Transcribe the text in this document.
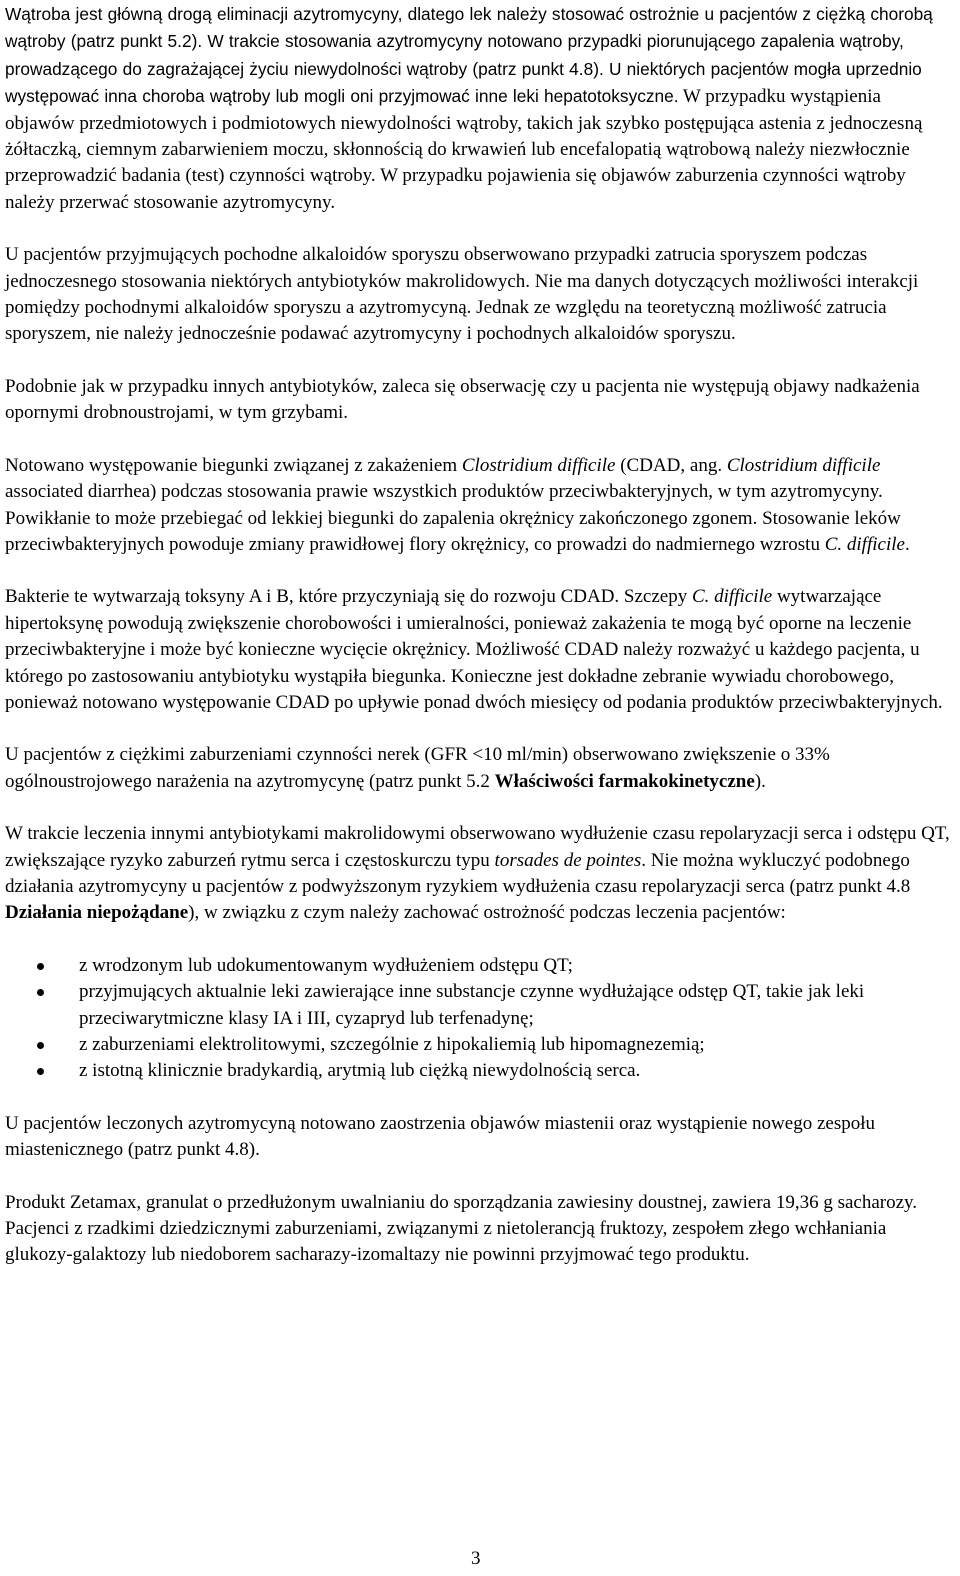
Wątroba jest główną drogą eliminacji azytromycyny, dlatego lek należy stosować ostrożnie u pacjentów z ciężką chorobą wątroby (patrz punkt 5.2). W trakcie stosowania azytromycyny notowano przypadki piorunującego zapalenia wątroby, prowadzącego do zagrażającej życiu niewydolności wątroby (patrz punkt 4.8). U niektórych pacjentów mogła uprzednio występować inna choroba wątroby lub mogli oni przyjmować inne leki hepatotoksyczne. W przypadku wystąpienia objawów przedmiotowych i podmiotowych niewydolności wątroby, takich jak szybko postępująca astenia z jednoczesną żółtaczką, ciemnym zabarwieniem moczu, skłonnością do krwawień lub encefalopatią wątrobową należy niezwłocznie przeprowadzić badania (test) czynności wątroby. W przypadku pojawienia się objawów zaburzenia czynności wątroby należy przerwać stosowanie azytromycyny.

U pacjentów przyjmujących pochodne alkaloidów sporyszu obserwowano przypadki zatrucia sporyszem podczas jednoczesnego stosowania niektórych antybiotyków makrolidowych. Nie ma danych dotyczących możliwości interakcji pomiędzy pochodnymi alkaloidów sporyszu a azytromycyną. Jednak ze względu na teoretyczną możliwość zatrucia sporyszem, nie należy jednocześnie podawać azytromycyny i pochodnych alkaloidów sporyszu.

Podobnie jak w przypadku innych antybiotyków, zaleca się obserwację czy u pacjenta nie występują objawy nadkażenia opornymi drobnoustrojami, w tym grzybami.

Notowano występowanie biegunki związanej z zakażeniem Clostridium difficile (CDAD, ang. Clostridium difficile associated diarrhea) podczas stosowania prawie wszystkich produktów przeciwbakteryjnych, w tym azytromycyny. Powikłanie to może przebiegać od lekkiej biegunki do zapalenia okrężnicy zakończonego zgonem. Stosowanie leków przeciwbakteryjnych powoduje zmiany prawidłowej flory okrężnicy, co prowadzi do nadmiernego wzrostu C. difficile.

Bakterie te wytwarzają toksyny A i B, które przyczyniają się do rozwoju CDAD. Szczepy C. difficile wytwarzające hipertoksynę powodują zwiększenie chorobowości i umieralności, ponieważ zakażenia te mogą być oporne na leczenie przeciwbakteryjne i może być konieczne wycięcie okrężnicy. Możliwość CDAD należy rozważyć u każdego pacjenta, u którego po zastosowaniu antybiotyku wystąpiła biegunka. Konieczne jest dokładne zebranie wywiadu chorobowego, ponieważ notowano występowanie CDAD po upływie ponad dwóch miesięcy od podania produktów przeciwbakteryjnych.

U pacjentów z ciężkimi zaburzeniami czynności nerek (GFR <10 ml/min) obserwowano zwiększenie o 33% ogólnoustrojowego narażenia na azytromycynę (patrz punkt 5.2 Właściwości farmakokinetyczne).

W trakcie leczenia innymi antybiotykami makrolidowymi obserwowano wydłużenie czasu repolaryzacji serca i odstępu QT, zwiększające ryzyko zaburzeń rytmu serca i częstoskurczu typu torsades de pointes. Nie można wykluczyć podobnego działania azytromycyny u pacjentów z podwyższonym ryzykiem wydłużenia czasu repolaryzacji serca (patrz punkt 4.8 Działania niepożądane), w związku z czym należy zachować ostrożność podczas leczenia pacjentów:

z wrodzonym lub udokumentowanym wydłużeniem odstępu QT;
przyjmujących aktualnie leki zawierające inne substancje czynne wydłużające odstęp QT, takie jak leki przeciwarytmiczne klasy IA i III, cyzapryd lub terfenadynę;
z zaburzeniami elektrolitowymi, szczególnie z hipokaliemią lub hipomagnezemią;
z istotną klinicznie bradykardią, arytmią lub ciężką niewydolnością serca.

U pacjentów leczonych azytromycyną notowano zaostrzenia objawów miastenii oraz wystąpienie nowego zespołu miastenicznego (patrz punkt 4.8).

Produkt Zetamax, granulat o przedłużonym uwalnianiu do sporządzania zawiesiny doustnej, zawiera 19,36 g sacharozy. Pacjenci z rzadkimi dziedzicznymi zaburzeniami, związanymi z nietolerancją fruktozy, zespołem złego wchłaniania glukozy-galaktozy lub niedoborem sacharazy-izomaltazy nie powinni przyjmować tego produktu.

3
